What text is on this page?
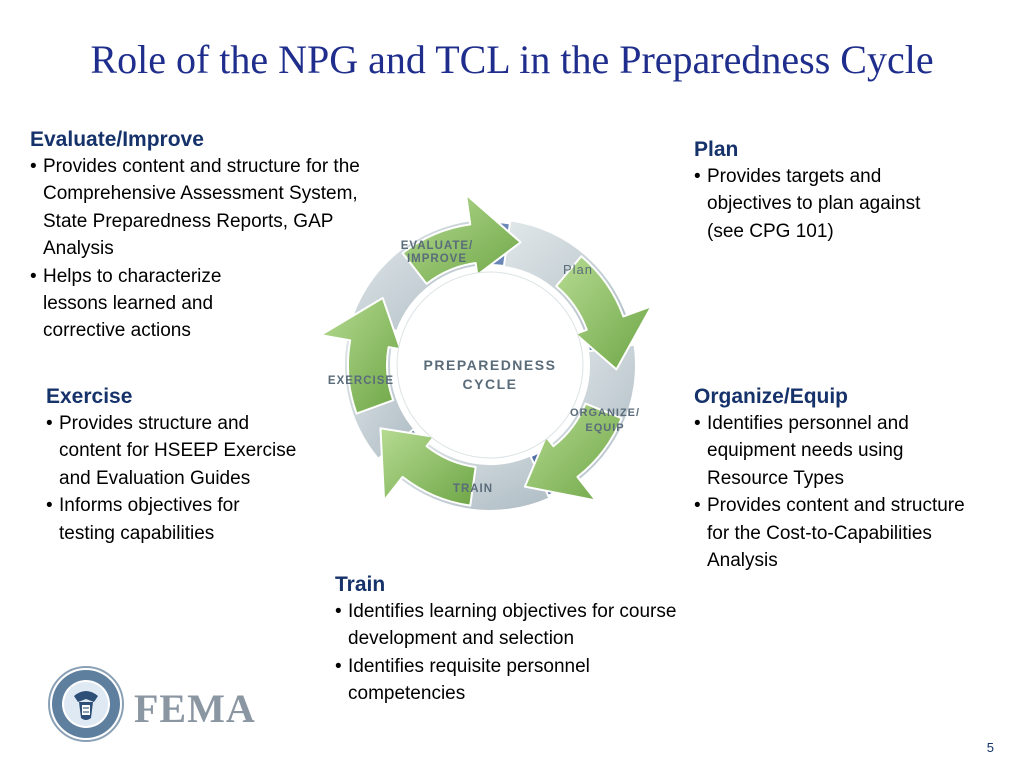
Role of the NPG and TCL in the Preparedness Cycle
Evaluate/Improve
• Provides content and structure for the Comprehensive Assessment System, State Preparedness Reports, GAP Analysis
• Helps to characterize lessons learned and corrective actions
Plan
• Provides targets and objectives to plan against (see CPG 101)
Exercise
• Provides structure and content for HSEEP Exercise and Evaluation Guides
• Informs objectives for testing capabilities
Organize/Equip
• Identifies personnel and equipment needs using Resource Types
• Provides content and structure for the Cost-to-Capabilities Analysis
Train
• Identifies learning objectives for course development and selection
• Identifies requisite personnel competencies
PREPAREDNESS
CYCLE
EVALUATE/
IMPROVE
Plan
ORGANIZE/
EQUIP
TRAIN
EXERCISE
FEMA
5
